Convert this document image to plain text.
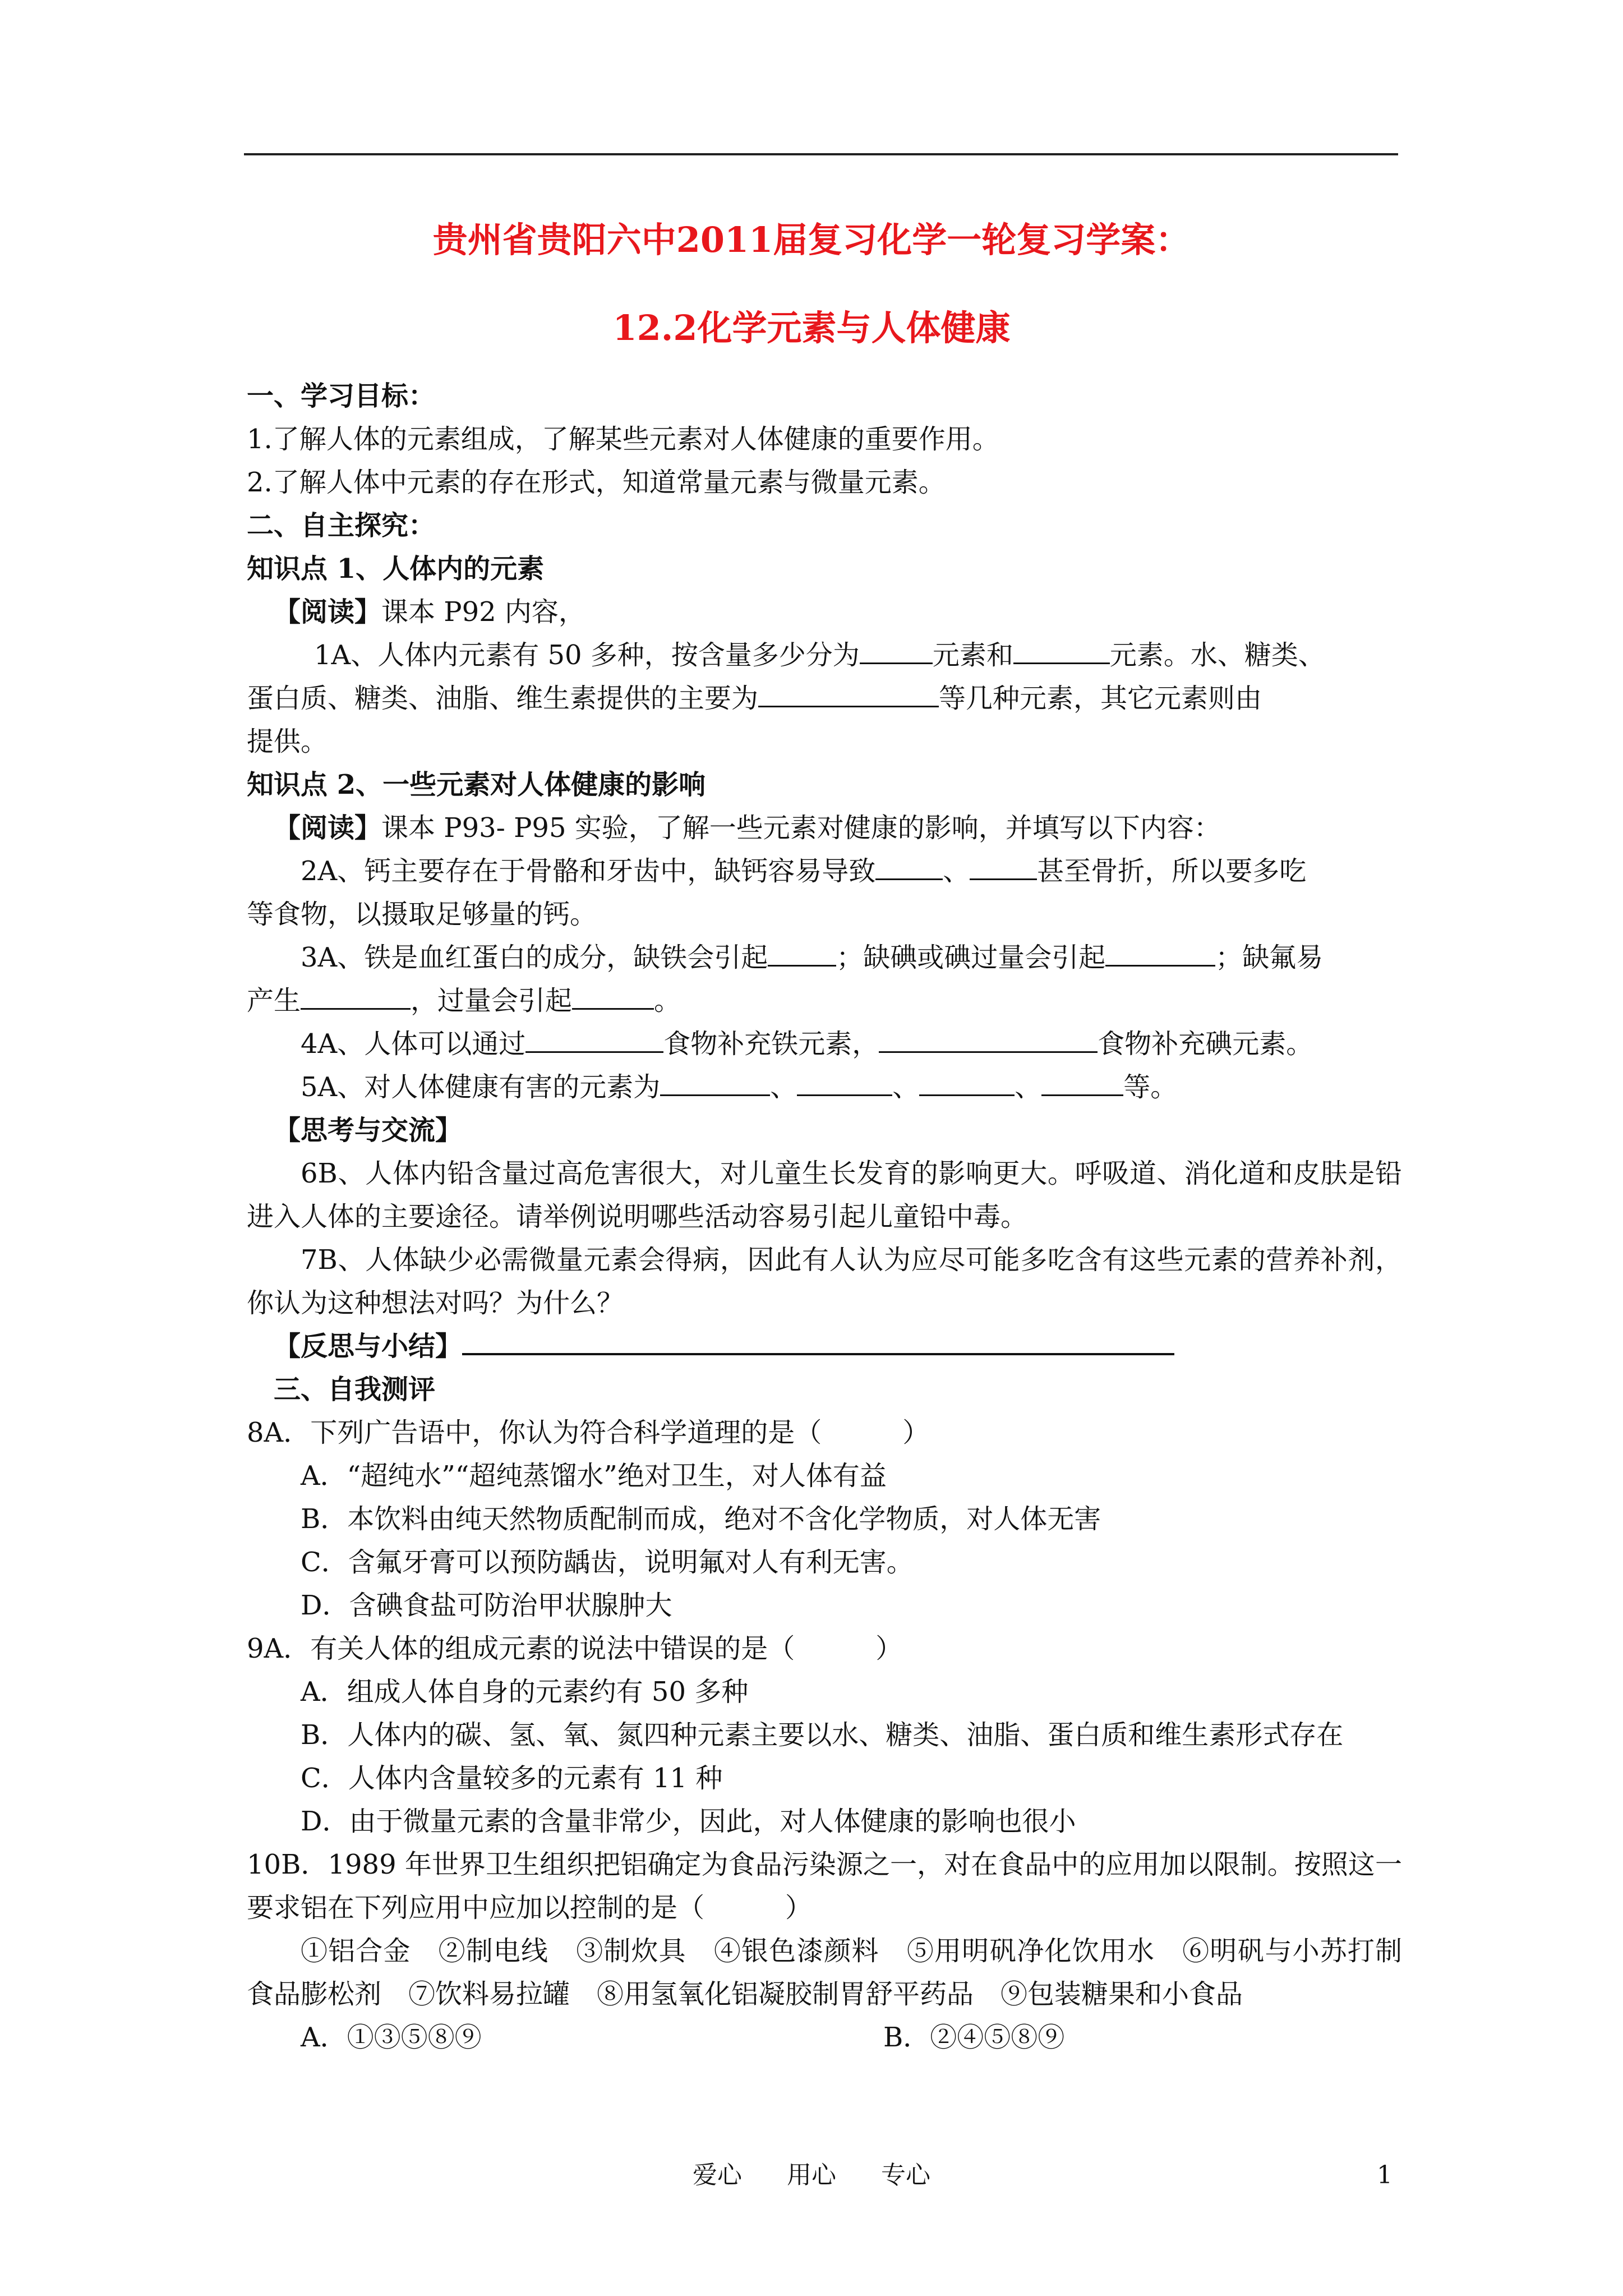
贵州省贵阳六中2011届复习化学一轮复习学案：
12.2化学元素与人体健康
一、学习目标：
1.了解人体的元素组成，了解某些元素对人体健康的重要作用。
2.了解人体中元素的存在形式，知道常量元素与微量元素。
二、自主探究：
知识点 1、人体内的元素
【阅读】课本 P92 内容，
1A、人体内元素有 50 多种，按含量多少分为	元素和	元素。水、糖类、
蛋白质、糖类、油脂、维生素提供的主要为	等几种元素，其它元素则由
提供。
知识点 2、一些元素对人体健康的影响
【阅读】课本 P93- P95 实验，了解一些元素对健康的影响，并填写以下内容：
2A、钙主要存在于骨骼和牙齿中，缺钙容易导致	、	甚至骨折，所以要多吃
等食物，以摄取足够量的钙。
3A、铁是血红蛋白的成分，缺铁会引起	；缺碘或碘过量会引起	；缺氟易
产生	，过量会引起	。
4A、人体可以通过	食物补充铁元素，	食物补充碘元素。
5A、对人体健康有害的元素为	、	、	、	等。
【思考与交流】
6B、人体内铅含量过高危害很大，对儿童生长发育的影响更大。呼吸道、消化道和皮肤是铅进入人体的主要途径。请举例说明哪些活动容易引起儿童铅中毒。
7B、人体缺少必需微量元素会得病，因此有人认为应尽可能多吃含有这些元素的营养补剂，你认为这种想法对吗？为什么？
【反思与小结】
三、自我测评
8A．下列广告语中，你认为符合科学道理的是（　　　）
A．“超纯水”“超纯蒸馏水”绝对卫生，对人体有益
B．本饮料由纯天然物质配制而成，绝对不含化学物质，对人体无害
C．含氟牙膏可以预防龋齿，说明氟对人有利无害。
D．含碘食盐可防治甲状腺肿大
9A．有关人体的组成元素的说法中错误的是（　　　）
A．组成人体自身的元素约有 50 多种
B．人体内的碳、氢、氧、氮四种元素主要以水、糖类、油脂、蛋白质和维生素形式存在
C．人体内含量较多的元素有 11 种
D．由于微量元素的含量非常少，因此，对人体健康的影响也很小
10B．1989 年世界卫生组织把铝确定为食品污染源之一，对在食品中的应用加以限制。按照这一要求铝在下列应用中应加以控制的是（　　　）
①铝合金　②制电线　③制炊具　④银色漆颜料　⑤用明矾净化饮用水　⑥明矾与小苏打制食品膨松剂　⑦饮料易拉罐　⑧用氢氧化铝凝胶制胃舒平药品　⑨包装糖果和小食品
A．①③⑤⑧⑨	B．②④⑤⑧⑨
爱心 用心 专心	1
